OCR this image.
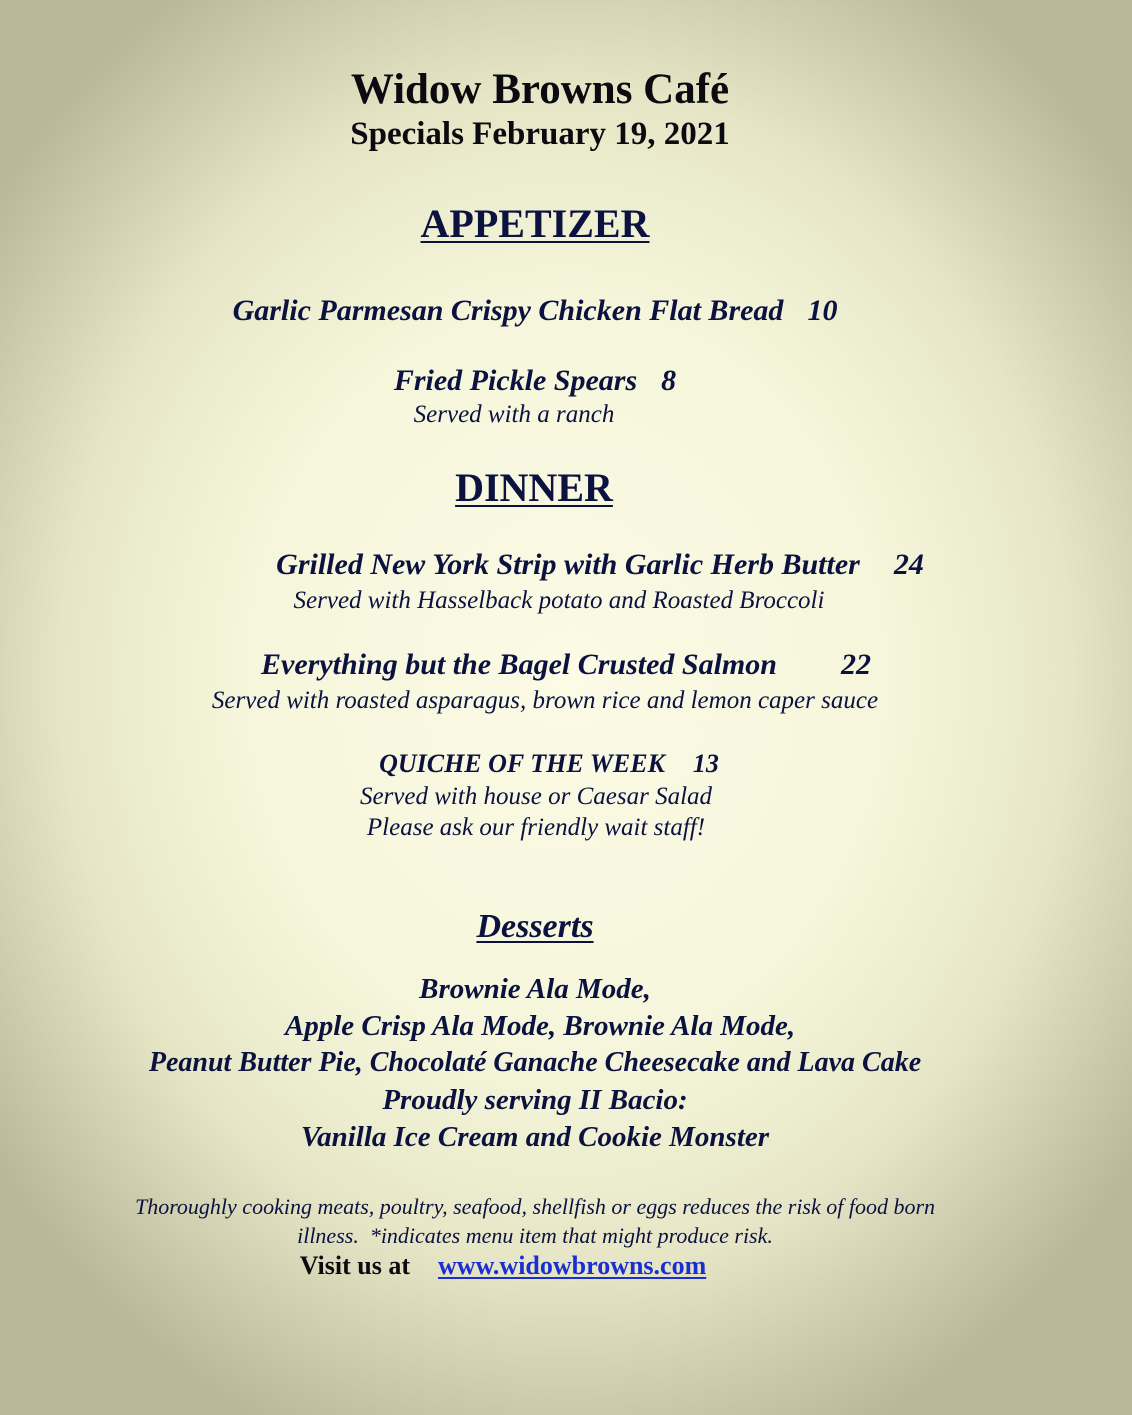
Widow Browns Café
Specials February 19, 2021
APPETIZER
Garlic Parmesan Crispy Chicken Flat Bread 10
Fried Pickle Spears 8
Served with a ranch
DINNER
Grilled New York Strip with Garlic Herb Butter 24
Served with Hasselback potato and Roasted Broccoli
Everything but the Bagel Crusted Salmon 22
Served with roasted asparagus, brown rice and lemon caper sauce
QUICHE OF THE WEEK 13
Served with house or Caesar Salad
Please ask our friendly wait staff!
Desserts
Brownie Ala Mode,
Apple Crisp Ala Mode, Brownie Ala Mode,
Peanut Butter Pie, Chocolaté Ganache Cheesecake and Lava Cake
Proudly serving II Bacio:
Vanilla Ice Cream and Cookie Monster
Thoroughly cooking meats, poultry, seafood, shellfish or eggs reduces the risk of food born
illness.  *indicates menu item that might produce risk.
Visit us at www.widowbrowns.com
